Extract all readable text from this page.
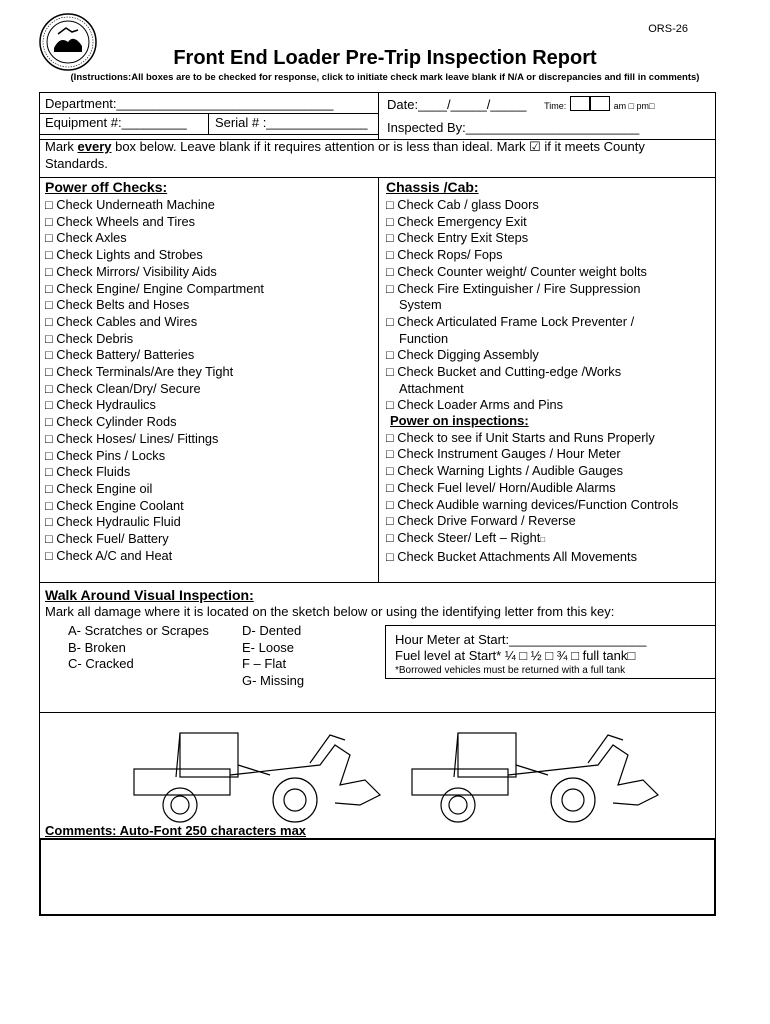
ORS-26
Front End Loader Pre-Trip Inspection Report
(Instructions:All boxes are to be checked for response, click to initiate check mark leave blank if N/A or discrepancies and fill in comments)
Department:______________________________	Date:____/_____/_____ Time:	am □ pm□
Equipment #:_________ Serial # :______________ Inspected By:________________________
Mark every box below. Leave blank if it requires attention or is less than ideal. Mark ☑ if it meets County Standards.
Power off Checks:
□ Check Underneath Machine
□ Check Wheels and Tires
□ Check Axles
□ Check Lights and Strobes
□ Check Mirrors/ Visibility Aids
□ Check Engine/ Engine Compartment
□ Check Belts and Hoses
□ Check Cables and Wires
□ Check Debris
□ Check Battery/ Batteries
□ Check Terminals/Are they Tight
□ Check Clean/Dry/ Secure
□ Check Hydraulics
□ Check Cylinder Rods
□ Check Hoses/ Lines/ Fittings
□ Check Pins / Locks
□ Check Fluids
□ Check Engine oil
□ Check Engine Coolant
□ Check Hydraulic Fluid
□ Check Fuel/ Battery
□ Check A/C and Heat
Chassis /Cab:
□ Check Cab / glass Doors
□ Check Emergency Exit
□ Check Entry Exit Steps
□ Check Rops/ Fops
□ Check Counter weight/ Counter weight bolts
□ Check Fire Extinguisher / Fire Suppression
System
□ Check Articulated Frame Lock Preventer /
Function
□ Check Digging Assembly
□ Check Bucket and Cutting-edge /Works
Attachment
□ Check Loader Arms and Pins
Power on inspections:
□ Check to see if Unit Starts and Runs Properly
□ Check Instrument Gauges / Hour Meter
□ Check Warning Lights / Audible Gauges
□ Check Fuel level/ Horn/Audible Alarms
□ Check Audible warning devices/Function Controls
□ Check Drive Forward / Reverse
□ Check Steer/ Left – Right□
□ Check Bucket Attachments All Movements
Walk Around Visual Inspection:
Mark all damage where it is located on the sketch below or using the identifying letter from this key:
A- Scratches or Scrapes
B- Broken
C- Cracked
D- Dented
E- Loose
F – Flat
G- Missing
Comments: Auto-Font 250 characters max
Hour Meter at Start:___________________
Fuel level at Start* ¼ □ ½ □ ¾ □ full tank□
*Borrowed vehicles must be returned with a full tank
